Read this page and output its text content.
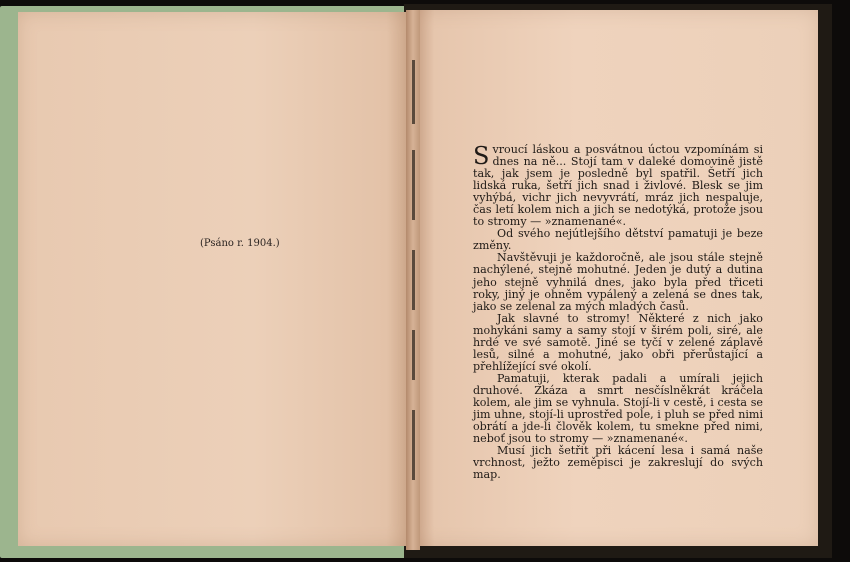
(Psáno r. 1904.)

Svroucí láskou a posvátnou úctou vzpomínám si dnes na ně... Stojí tam v daleké domovině jistě tak, jak jsem je posledně byl spatřil. Šetří jich lidská ruka, šetří jich snad i živlové. Blesk se jim vyhýbá, vichr jich nevyvrátí, mráz jich nespaluje, čas letí kolem nich a jich se nedotýká, protože jsou to stromy — »znamenané«.

Od svého nejútlejšího dětství pamatuji je beze změny.

Navštěvuji je každoročně, ale jsou stále stejně nachýlené, stejně mohutné. Jeden je dutý a dutina jeho stejně vyhnilá dnes, jako byla před třiceti roky, jiný je ohněm vypálený a zelená se dnes tak, jako se zelenal za mých mladých časů.

Jak slavné to stromy! Některé z nich jako mohykáni samy a samy stojí v širém poli, siré, ale hrdé ve své samotě. Jiné se tyčí v zelené záplavě lesů, silné a mohutné, jako obři přerůstající a přehlížející své okolí.

Pamatuji, kterak padali a umírali jejich druhové. Zkáza a smrt nesčíslněkrát kráčela kolem, ale jim se vyhnula. Stojí-li v cestě, i cesta se jim uhne, stojí-li uprostřed pole, i pluh se před nimi obrátí a jde-li člověk kolem, tu smekne před nimi, neboť jsou to stromy — »znamenané«.

Musí jich šetřit při kácení lesa i samá naše vrchnost, ježto zeměpisci je zakreslují do svých map.
